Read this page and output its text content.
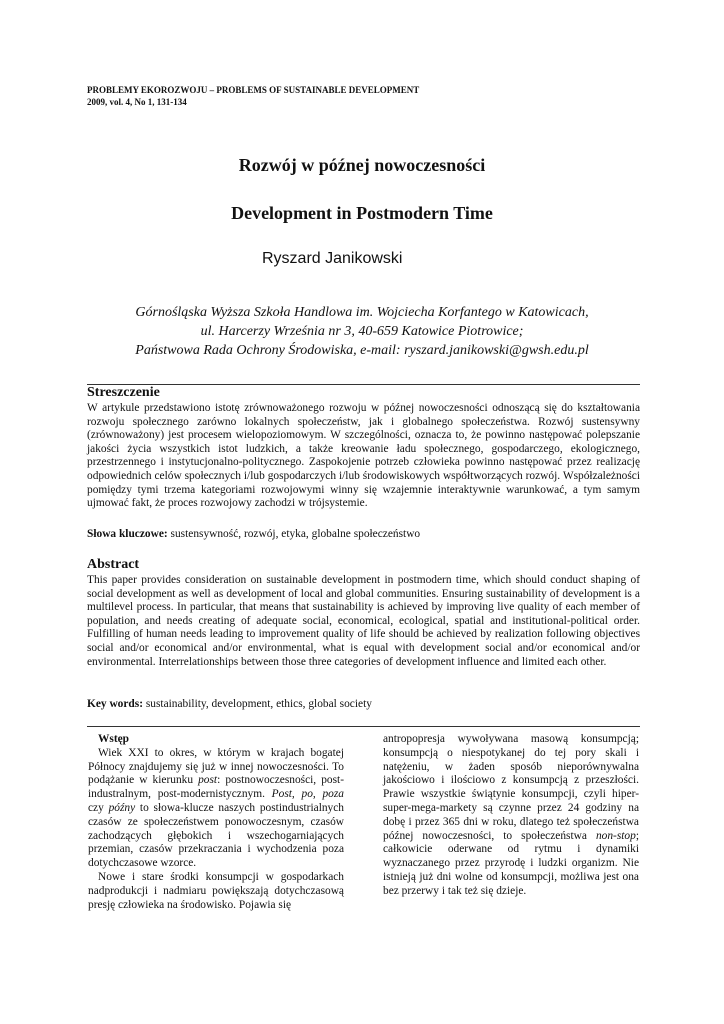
PROBLEMY EKOROZWOJU – PROBLEMS OF SUSTAINABLE DEVELOPMENT
2009, vol. 4, No 1, 131-134
Rozwój w późnej nowoczesności
Development in Postmodern Time
Ryszard Janikowski
Górnośląska Wyższa Szkoła Handlowa im. Wojciecha Korfantego w Katowicach,
ul. Harcerzy Września nr 3, 40-659 Katowice Piotrowice;
Państwowa Rada Ochrony Środowiska, e-mail: ryszard.janikowski@gwsh.edu.pl
Streszczenie
W artykule przedstawiono istotę zrównoważonego rozwoju w późnej nowoczesności odnoszącą się do kształtowania rozwoju społecznego zarówno lokalnych społeczeństw, jak i globalnego społeczeństwa. Rozwój sustensywny (zrównoważony) jest procesem wielopoziomowym. W szczególności, oznacza to, że powinno następować polepszanie jakości życia wszystkich istot ludzkich, a także kreowanie ładu społecznego, gospodarczego, ekologicznego, przestrzennego i instytucjonalno-politycznego. Zaspokojenie potrzeb człowieka powinno następować przez realizację odpowiednich celów społecznych i/lub gospodarczych i/lub środowiskowych współtworzących rozwój. Współzależności pomiędzy tymi trzema kategoriami rozwojowymi winny się wzajemnie interaktywnie warunkować, a tym samym ujmować fakt, że proces rozwojowy zachodzi w trójsystemie.
Słowa kluczowe: sustensywność, rozwój, etyka, globalne społeczeństwo
Abstract
This paper provides consideration on sustainable development in postmodern time, which should conduct shaping of social development as well as development of local and global communities. Ensuring sustainability of development is a multilevel process. In particular, that means that sustainability is achieved by improving live quality of each member of population, and needs creating of adequate social, economical, ecological, spatial and institutional-political order. Fulfilling of human needs leading to improvement quality of life should be achieved by realization following objectives social and/or economical and/or environmental, what is equal with development social and/or economical and/or environmental. Interrelationships between those three categories of development influence and limited each other.
Key words: sustainability, development, ethics, global society

Wstęp

Wiek XXI to okres, w którym w krajach bogatej Północy znajdujemy się już w innej nowoczesności. To podążanie w kierunku post: postnowoczesności, post-industralnym, post-modernistycznym. Post, po, poza czy późny to słowa-klucze naszych postindustrialnych czasów ze społeczeństwem ponowoczesnym, czasów zachodzących głębokich i wszechogarniających przemian, czasów przekraczania i wychodzenia poza dotychczasowe wzorce.

Nowe i stare środki konsumpcji w gospodarkach nadprodukcji i nadmiaru powiększają dotychczasową presję człowieka na środowisko. Pojawia się

antropopresja wywoływana masową konsumpcją; konsumpcją o niespotykanej do tej pory skali i natężeniu, w żaden sposób nieporównywalna jakościowo i ilościowo z konsumpcją z przeszłości. Prawie wszystkie świątynie konsumpcji, czyli hiper-super-mega-markety są czynne przez 24 godziny na dobę i przez 365 dni w roku, dlatego też społeczeństwa późnej nowoczesności, to społeczeństwa non-stop; całkowicie oderwane od rytmu i dynamiki wyznaczanego przez przyrodę i ludzki organizm. Nie istnieją już dni wolne od konsumpcji, możliwa jest ona bez przerwy i tak też się dzieje.
